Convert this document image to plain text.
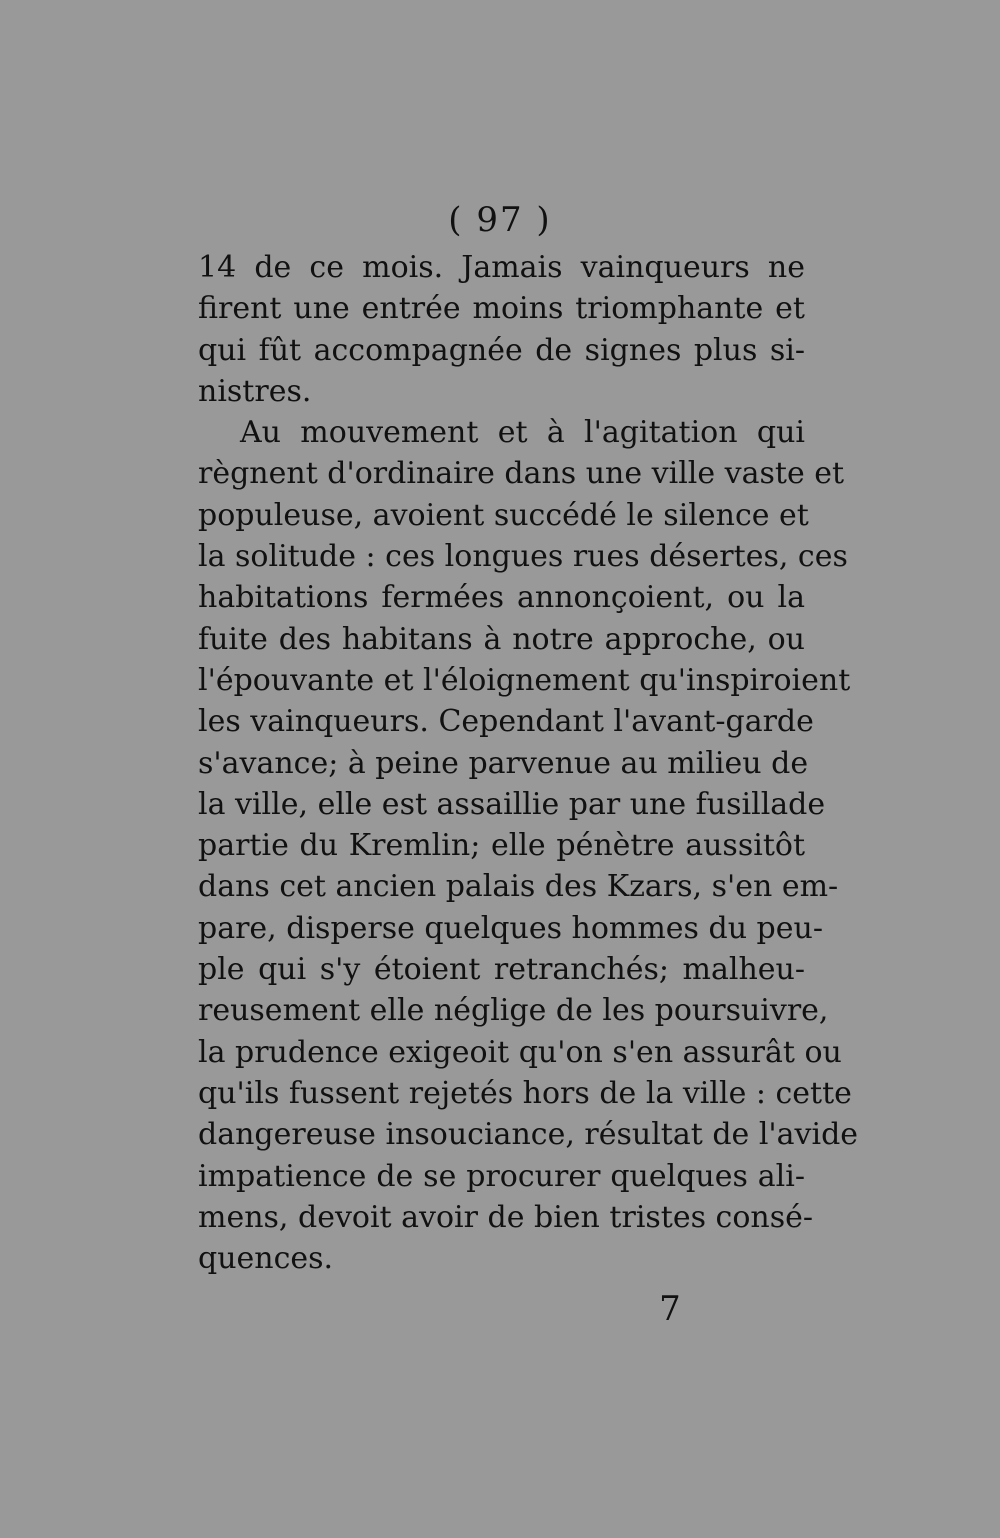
( 97 )
14 de ce mois. Jamais vainqueurs ne
firent une entrée moins triomphante et
qui fût accompagnée de signes plus si-
nistres.
Au mouvement et à l'agitation qui
règnent d'ordinaire dans une ville vaste et
populeuse, avoient succédé le silence et
la solitude : ces longues rues désertes, ces
habitations fermées annonçoient, ou la
fuite des habitans à notre approche, ou
l'épouvante et l'éloignement qu'inspiroient
les vainqueurs. Cependant l'avant-garde
s'avance; à peine parvenue au milieu de
la ville, elle est assaillie par une fusillade
partie du Kremlin; elle pénètre aussitôt
dans cet ancien palais des Kzars, s'en em-
pare, disperse quelques hommes du peu-
ple qui s'y étoient retranchés; malheu-
reusement elle néglige de les poursuivre,
la prudence exigeoit qu'on s'en assurât ou
qu'ils fussent rejetés hors de la ville : cette
dangereuse insouciance, résultat de l'avide
impatience de se procurer quelques ali-
mens, devoit avoir de bien tristes consé-
quences.
7
